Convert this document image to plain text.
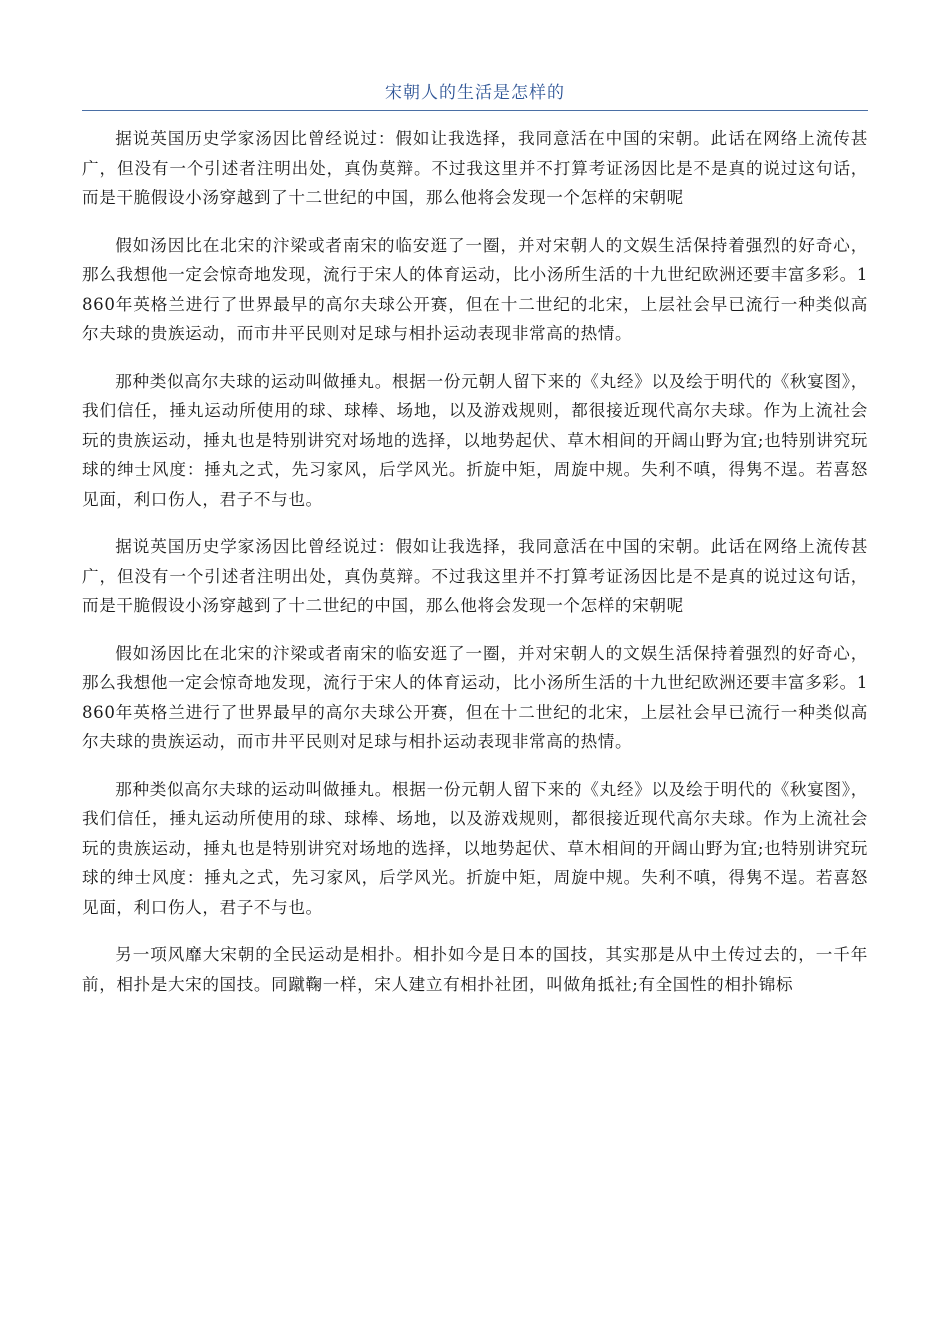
宋朝人的生活是怎样的

据说英国历史学家汤因比曾经说过：假如让我选择，我同意活在中国的宋朝。此话在网络上流传甚广，但没有一个引述者注明出处，真伪莫辩。不过我这里并不打算考证汤因比是不是真的说过这句话，而是干脆假设小汤穿越到了十二世纪的中国，那么他将会发现一个怎样的宋朝呢

假如汤因比在北宋的汴梁或者南宋的临安逛了一圈，并对宋朝人的文娱生活保持着强烈的好奇心，那么我想他一定会惊奇地发现，流行于宋人的体育运动，比小汤所生活的十九世纪欧洲还要丰富多彩。1860年英格兰进行了世界最早的高尔夫球公开赛，但在十二世纪的北宋，上层社会早已流行一种类似高尔夫球的贵族运动，而市井平民则对足球与相扑运动表现非常高的热情。

那种类似高尔夫球的运动叫做捶丸。根据一份元朝人留下来的《丸经》以及绘于明代的《秋宴图》，我们信任，捶丸运动所使用的球、球棒、场地，以及游戏规则，都很接近现代高尔夫球。作为上流社会玩的贵族运动，捶丸也是特别讲究对场地的选择，以地势起伏、草木相间的开阔山野为宜;也特别讲究玩球的绅士风度：捶丸之式，先习家风，后学风光。折旋中矩，周旋中规。失利不嗔，得隽不逞。若喜怒见面，利口伤人，君子不与也。

据说英国历史学家汤因比曾经说过：假如让我选择，我同意活在中国的宋朝。此话在网络上流传甚广，但没有一个引述者注明出处，真伪莫辩。不过我这里并不打算考证汤因比是不是真的说过这句话，而是干脆假设小汤穿越到了十二世纪的中国，那么他将会发现一个怎样的宋朝呢

假如汤因比在北宋的汴梁或者南宋的临安逛了一圈，并对宋朝人的文娱生活保持着强烈的好奇心，那么我想他一定会惊奇地发现，流行于宋人的体育运动，比小汤所生活的十九世纪欧洲还要丰富多彩。1860年英格兰进行了世界最早的高尔夫球公开赛，但在十二世纪的北宋，上层社会早已流行一种类似高尔夫球的贵族运动，而市井平民则对足球与相扑运动表现非常高的热情。

那种类似高尔夫球的运动叫做捶丸。根据一份元朝人留下来的《丸经》以及绘于明代的《秋宴图》，我们信任，捶丸运动所使用的球、球棒、场地，以及游戏规则，都很接近现代高尔夫球。作为上流社会玩的贵族运动，捶丸也是特别讲究对场地的选择，以地势起伏、草木相间的开阔山野为宜;也特别讲究玩球的绅士风度：捶丸之式，先习家风，后学风光。折旋中矩，周旋中规。失利不嗔，得隽不逞。若喜怒见面，利口伤人，君子不与也。

另一项风靡大宋朝的全民运动是相扑。相扑如今是日本的国技，其实那是从中土传过去的，一千年前，相扑是大宋的国技。同蹴鞠一样，宋人建立有相扑社团，叫做角抵社;有全国性的相扑锦标
